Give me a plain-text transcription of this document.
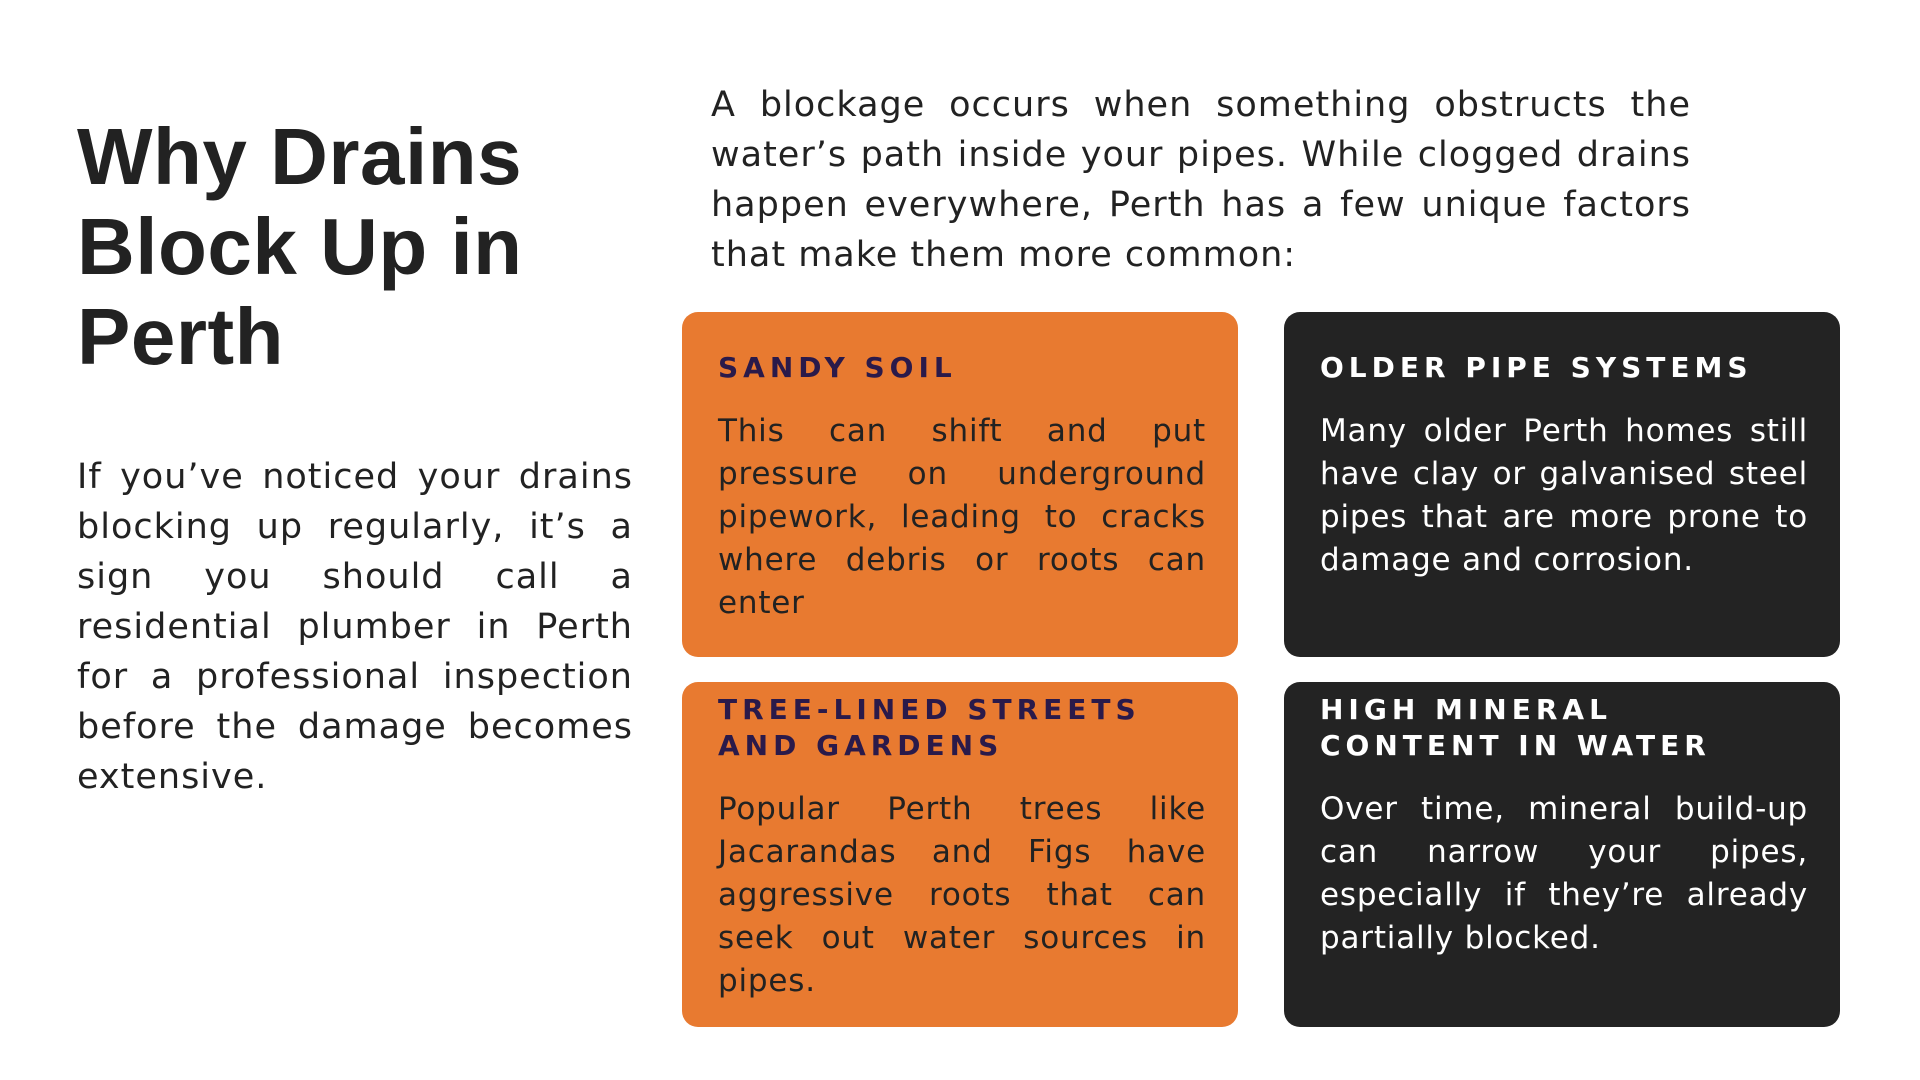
Why Drains Block Up in Perth

If you’ve noticed your drains blocking up regularly, it’s a sign you should call a residential plumber in Perth for a professional inspection before the damage becomes extensive.

A blockage occurs when something obstructs the water’s path inside your pipes. While clogged drains happen everywhere, Perth has a few unique factors that make them more common:

SANDY SOIL

This can shift and put pressure on underground pipework, leading to cracks where debris or roots can enter

OLDER PIPE SYSTEMS

Many older Perth homes still have clay or galvanised steel pipes that are more prone to damage and corrosion.

TREE-LINED STREETS AND GARDENS

Popular Perth trees like Jacarandas and Figs have aggressive roots that can seek out water sources in pipes.

HIGH MINERAL CONTENT IN WATER

Over time, mineral build-up can narrow your pipes, especially if they’re already partially blocked.
